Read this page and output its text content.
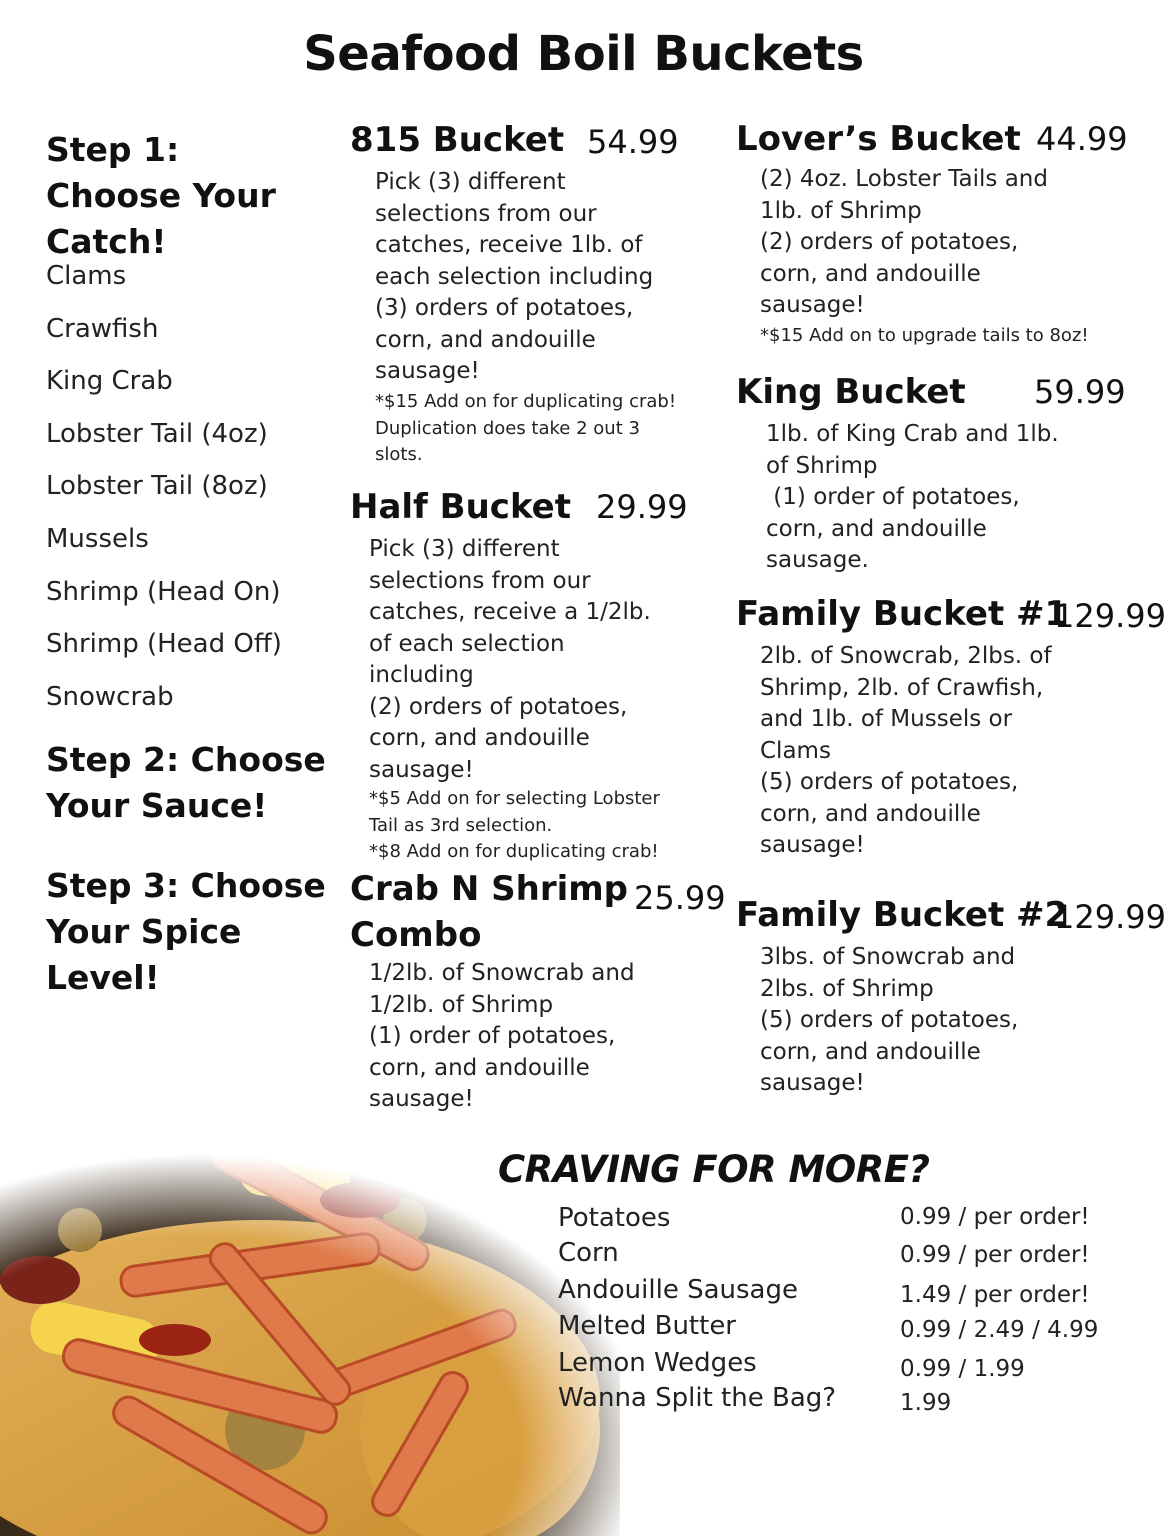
Seafood Boil Buckets
Step 1:
Choose Your
Catch!
Clams
Crawfish
King Crab
Lobster Tail (4oz)
Lobster Tail (8oz)
Mussels
Shrimp (Head On)
Shrimp (Head Off)
Snowcrab
Step 2: Choose
Your Sauce!
Step 3: Choose
Your Spice
Level!
815 Bucket 54.99
Pick (3) different
selections from our
catches, receive 1lb. of
each selection including
(3) orders of potatoes,
corn, and andouille
sausage!
*$15 Add on for duplicating crab!
Duplication does take 2 out 3
slots.
Half Bucket 29.99
Pick (3) different
selections from our
catches, receive a 1/2lb.
of each selection
including
(2) orders of potatoes,
corn, and andouille
sausage!
*$5 Add on for selecting Lobster
Tail as 3rd selection.
*$8 Add on for duplicating crab!
Crab N Shrimp
Combo
25.99
1/2lb. of Snowcrab and
1/2lb. of Shrimp
(1) order of potatoes,
corn, and andouille
sausage!
Lover’s Bucket 44.99
(2) 4oz. Lobster Tails and
1lb. of Shrimp
(2) orders of potatoes,
corn, and andouille
sausage!
*$15 Add on to upgrade tails to 8oz!
King Bucket 59.99
1lb. of King Crab and 1lb.
of Shrimp
(1) order of potatoes,
corn, and andouille
sausage.
Family Bucket #1
129.99
2lb. of Snowcrab, 2lbs. of
Shrimp, 2lb. of Crawfish,
and 1lb. of Mussels or
Clams
(5) orders of potatoes,
corn, and andouille
sausage!
Family Bucket #2
129.99
3lbs. of Snowcrab and
2lbs. of Shrimp
(5) orders of potatoes,
corn, and andouille
sausage!
CRAVING FOR MORE?
Potatoes	0.99 / per order!
Corn	0.99 / per order!
Andouille Sausage	1.49 / per order!
Melted Butter	0.99 / 2.49 / 4.99
Lemon Wedges	0.99 / 1.99
Wanna Split the Bag?	1.99
